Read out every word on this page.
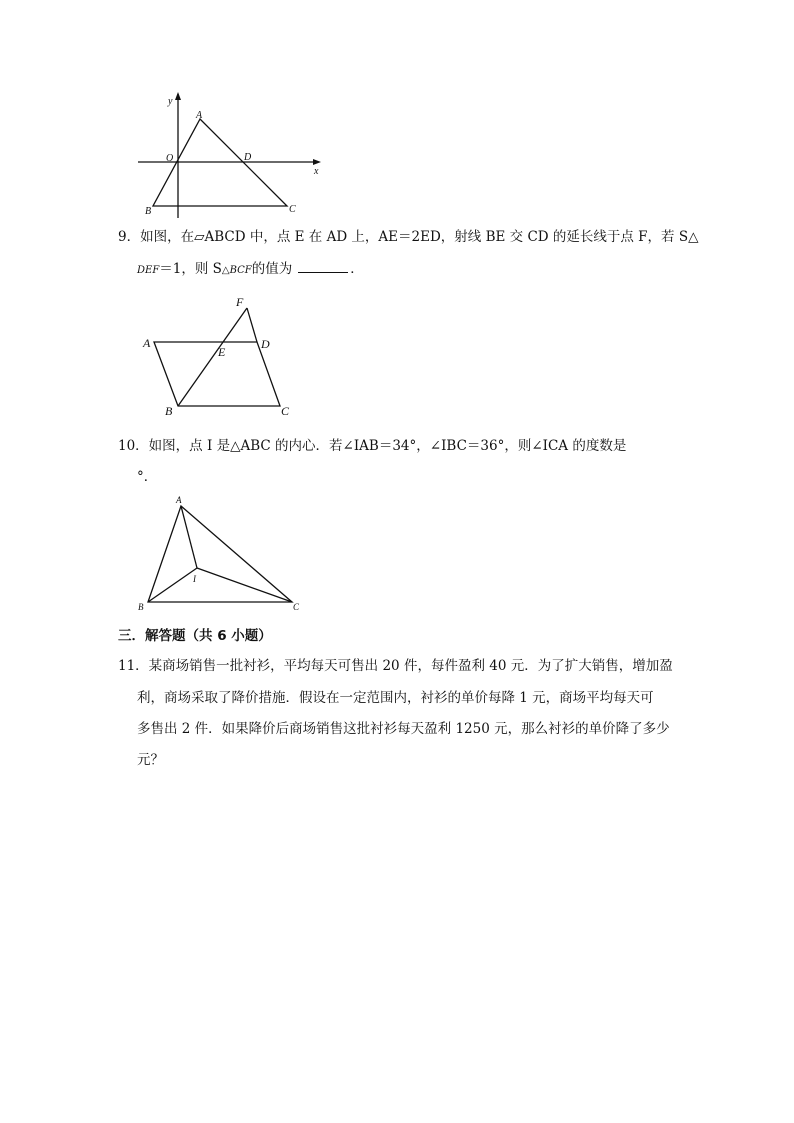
y
x
A
O	D
B	C
9．如图，在▱ABCD 中，点 E 在 AD 上，AE＝2ED，射线 BE 交 CD 的延长线于点 F，若 S△
DEF＝1，则 S△BCF的值为	．
F
A
E
D
B	C
10．如图，点 I 是△ABC 的内心．若∠IAB＝34°，∠IBC＝36°，则∠ICA 的度数是
°．
A
I
B	C
三．解答题（共 6 小题）
11．某商场销售一批衬衫，平均每天可售出 20 件，每件盈利 40 元．为了扩大销售，增加盈
利，商场采取了降价措施．假设在一定范围内，衬衫的单价每降 1 元，商场平均每天可
多售出 2 件．如果降价后商场销售这批衬衫每天盈利 1250 元，那么衬衫的单价降了多少
元？
